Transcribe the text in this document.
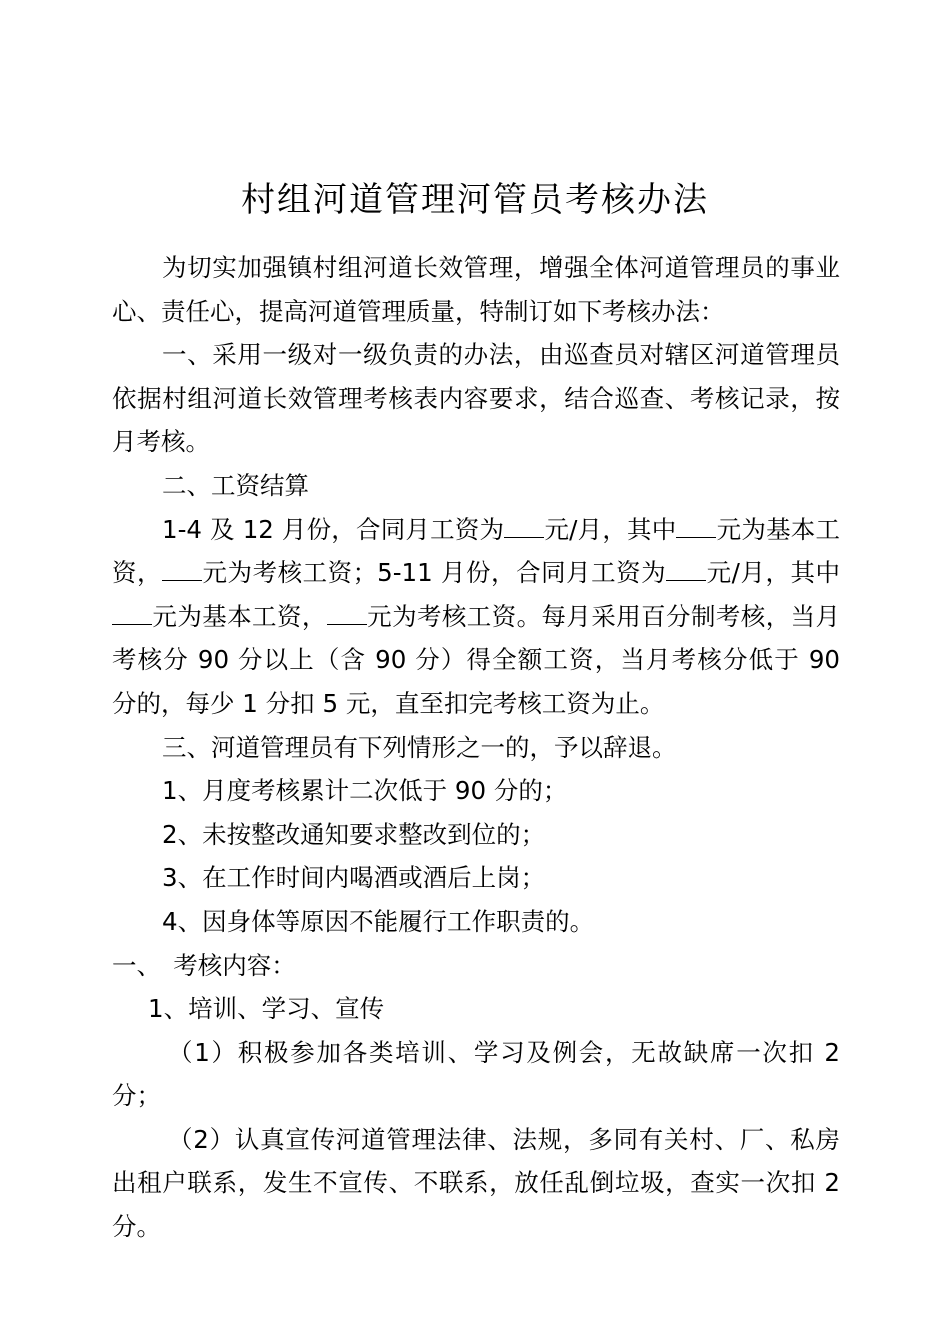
村组河道管理河管员考核办法

为切实加强镇村组河道长效管理，增强全体河道管理员的事业心、责任心，提高河道管理质量，特制订如下考核办法：

一、采用一级对一级负责的办法，由巡查员对辖区河道管理员依据村组河道长效管理考核表内容要求，结合巡查、考核记录，按月考核。

二、工资结算

1-4 及 12 月份，合同月工资为 元/月，其中 元为基本工资， 元为考核工资；5-11 月份，合同月工资为 元/月，其中元为基本工资， 元为考核工资。每月采用百分制考核，当月考核分 90 分以上（含 90 分）得全额工资，当月考核分低于 90 分的，每少 1 分扣 5 元，直至扣完考核工资为止。

三、河道管理员有下列情形之一的，予以辞退。

1、月度考核累计二次低于 90 分的；

2、未按整改通知要求整改到位的；

3、在工作时间内喝酒或酒后上岗；

4、因身体等原因不能履行工作职责的。

一、　考核内容：

1、培训、学习、宣传

（1）积极参加各类培训、学习及例会，无故缺席一次扣 2 分；

（2）认真宣传河道管理法律、法规，多同有关村、厂、私房出租户联系，发生不宣传、不联系，放任乱倒垃圾，查实一次扣 2 分。
